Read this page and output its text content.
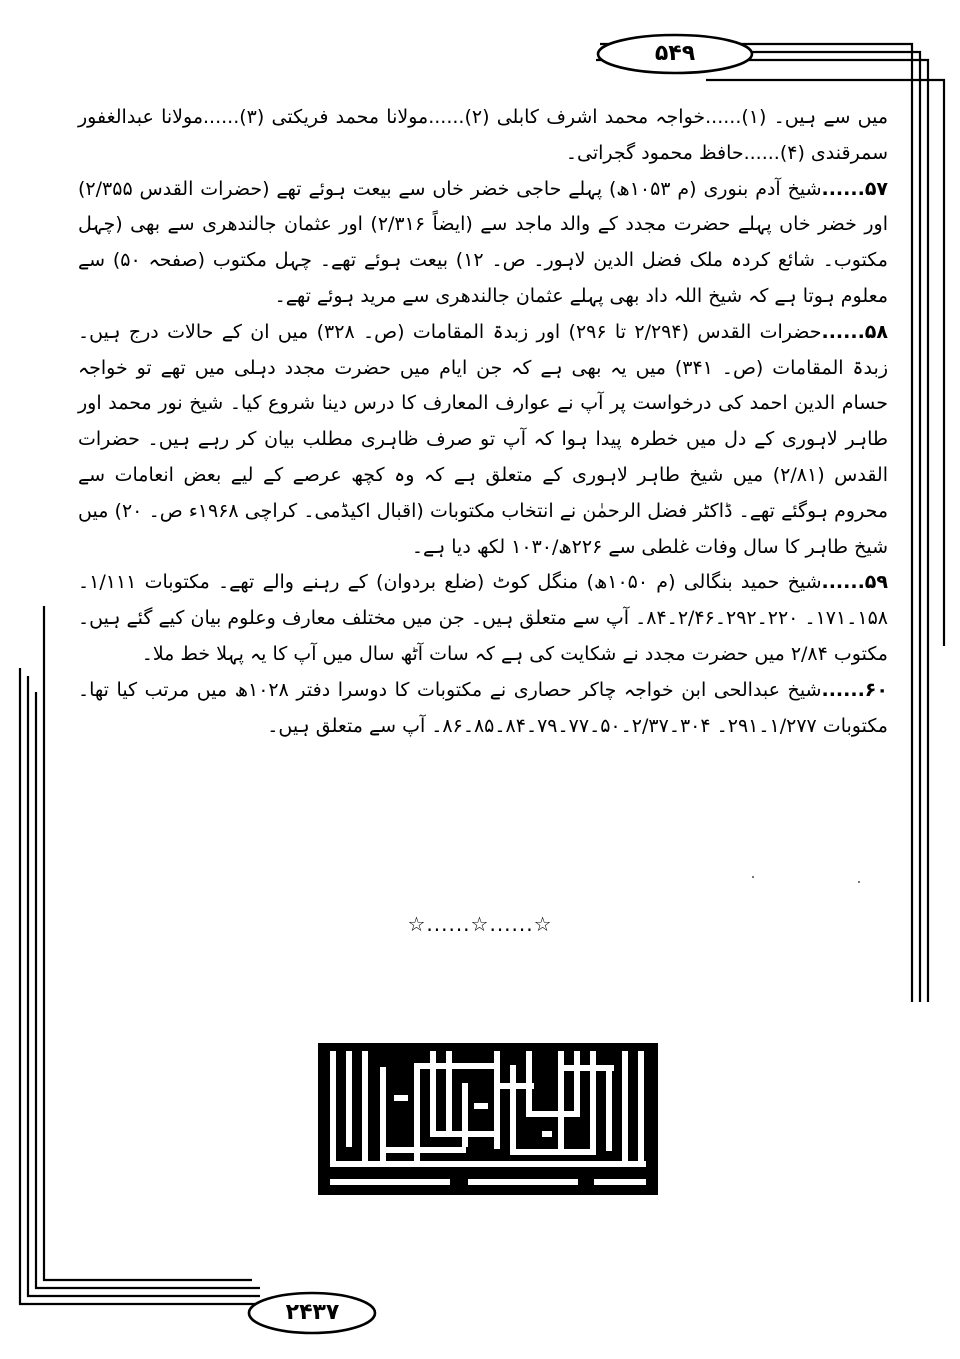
۵۴۹
۲۴۳۷

میں سے ہیں۔ (۱)......خواجہ محمد اشرف کابلی (۲)......مولانا محمد فریکتی (۳)......مولانا عبدالغفور سمرقندی (۴)......حافظ محمود گجراتی۔

۵۷......شیخ آدم بنوری (م ۱۰۵۳ھ) پہلے حاجی خضر خاں سے بیعت ہوئے تھے (حضرات القدس ۲/۳۵۵) اور خضر خاں پہلے حضرت مجدد کے والد ماجد سے (ایضاً ۲/۳۱۶) اور عثمان جالندھری سے بھی (چہل مکتوب۔ شائع کردہ ملک فضل الدین لاہور۔ ص۔ ۱۲) بیعت ہوئے تھے۔ چہل مکتوب (صفحہ ۵۰) سے معلوم ہوتا ہے کہ شیخ اللہ داد بھی پہلے عثمان جالندھری سے مرید ہوئے تھے۔

۵۸......حضرات القدس (۲/۲۹۴ تا ۲۹۶) اور زبدۃ المقامات (ص۔ ۳۲۸) میں ان کے حالات درج ہیں۔ زبدۃ المقامات (ص۔ ۳۴۱) میں یہ بھی ہے کہ جن ایام میں حضرت مجدد دہلی میں تھے تو خواجہ حسام الدین احمد کی درخواست پر آپ نے عوارف المعارف کا درس دینا شروع کیا۔ شیخ نور محمد اور طاہر لاہوری کے دل میں خطرہ پیدا ہوا کہ آپ تو صرف ظاہری مطلب بیان کر رہے ہیں۔ حضرات القدس (۲/۸۱) میں شیخ طاہر لاہوری کے متعلق ہے کہ وہ کچھ عرصے کے لیے بعض انعامات سے محروم ہوگئے تھے۔ ڈاکٹر فضل الرحمٰن نے انتخاب مکتوبات (اقبال اکیڈمی۔ کراچی ۱۹۶۸ء ص۔ ۲۰) میں شیخ طاہر کا سال وفات غلطی سے ۲۲۶ھ/۱۰۳۰ لکھ دیا ہے۔

۵۹......شیخ حمید بنگالی (م ۱۰۵۰ھ) منگل کوٹ (ضلع بردوان) کے رہنے والے تھے۔ مکتوبات ۱/۱۱۱۔۱۵۸۔۱۷۱۔ ۲۲۰۔۲۹۲۔۲/۴۶۔۸۴۔ آپ سے متعلق ہیں۔ جن میں مختلف معارف وعلوم بیان کیے گئے ہیں۔ مکتوب ۲/۸۴ میں حضرت مجدد نے شکایت کی ہے کہ سات آٹھ سال میں آپ کا یہ پہلا خط ملا۔

۶۰......شیخ عبدالحی ابن خواجہ چاکر حصاری نے مکتوبات کا دوسرا دفتر ۱۰۲۸ھ میں مرتب کیا تھا۔ مکتوبات ۱/۲۷۷۔۲۹۱۔ ۳۰۴۔۲/۳۷۔۵۰۔۷۷۔۷۹۔۸۴۔۸۵۔۸۶۔ آپ سے متعلق ہیں۔

☆......☆......☆
